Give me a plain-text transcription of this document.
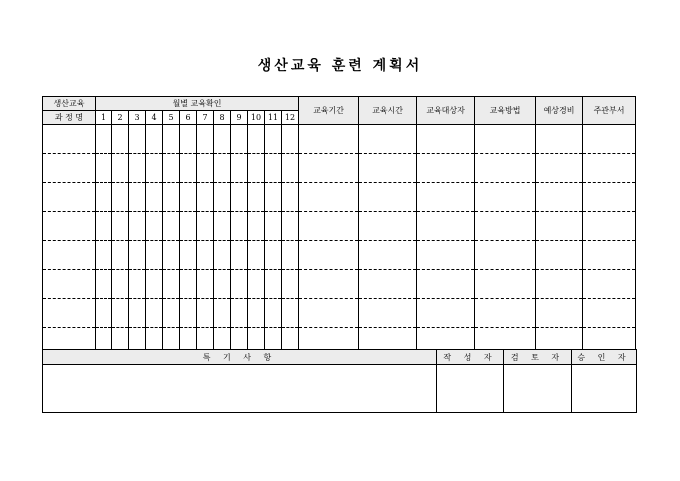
생산교육 훈련 계획서
생산교육	월별 교육확인												교육기간	교육시간	교육대상자	교육방법	예상경비	주관부서
과 정 명	1	2	3	4	5	6	7	8	9	10	11	12						

특 기 사 항	작 성 자	검 토 자	승 인 자
